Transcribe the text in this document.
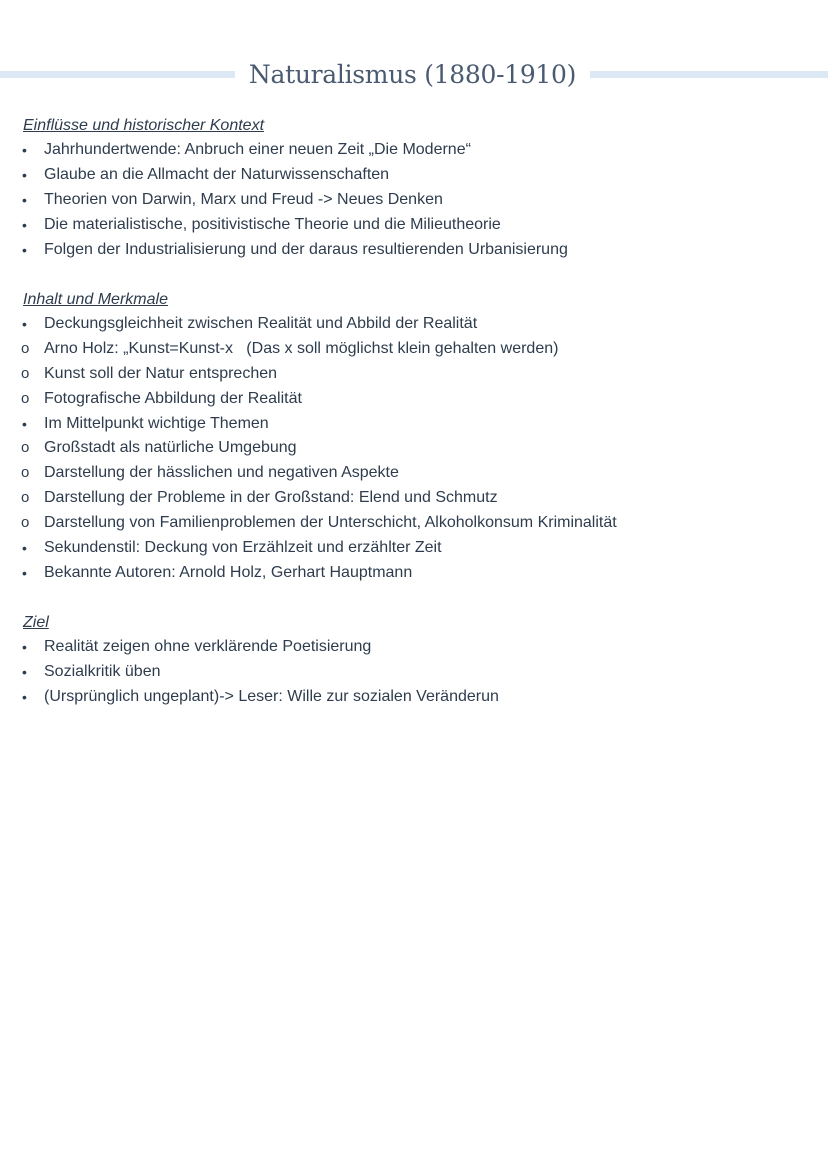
Naturalismus (1880-1910)
Einflüsse und historischer Kontext
•	Jahrhundertwende: Anbruch einer neuen Zeit „Die Moderne“
•	Glaube an die Allmacht der Naturwissenschaften
•	Theorien von Darwin, Marx und Freud -> Neues Denken
•	Die materialistische, positivistische Theorie und die Milieutheorie
•	Folgen der Industrialisierung und der daraus resultierenden Urbanisierung
Inhalt und Merkmale
•	Deckungsgleichheit zwischen Realität und Abbild der Realität
o Arno Holz: „Kunst=Kunst-x   (Das x soll möglichst klein gehalten werden)
o Kunst soll der Natur entsprechen
o Fotografische Abbildung der Realität
•	Im Mittelpunkt wichtige Themen
o Großstadt als natürliche Umgebung
o Darstellung der hässlichen und negativen Aspekte
o Darstellung der Probleme in der Großstand: Elend und Schmutz
o Darstellung von Familienproblemen der Unterschicht, Alkoholkonsum Kriminalität
•	Sekundenstil: Deckung von Erzählzeit und erzählter Zeit
•	Bekannte Autoren: Arnold Holz, Gerhart Hauptmann
Ziel
•	Realität zeigen ohne verklärende Poetisierung
•	Sozialkritik üben
•	(Ursprünglich ungeplant)-> Leser: Wille zur sozialen Veränderun
